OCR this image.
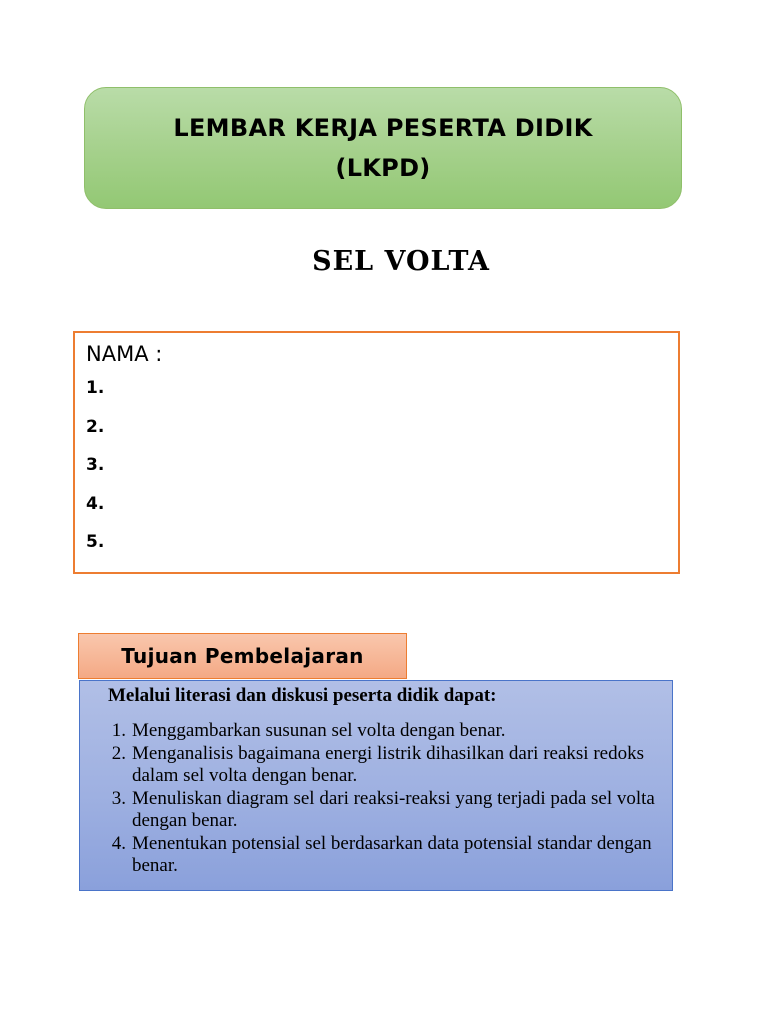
LEMBAR KERJA PESERTA DIDIK
(LKPD)
SEL VOLTA
NAMA :
1.
2.
3.
4.
5.
Melalui literasi dan diskusi peserta didik dapat:
1. Menggambarkan susunan sel volta dengan benar.
2. Menganalisis bagaimana energi listrik dihasilkan dari reaksi redoks dalam sel volta dengan benar.
3. Menuliskan diagram sel dari reaksi-reaksi yang terjadi pada sel volta dengan benar.
4. Menentukan potensial sel berdasarkan data potensial standar dengan benar.
Tujuan Pembelajaran
